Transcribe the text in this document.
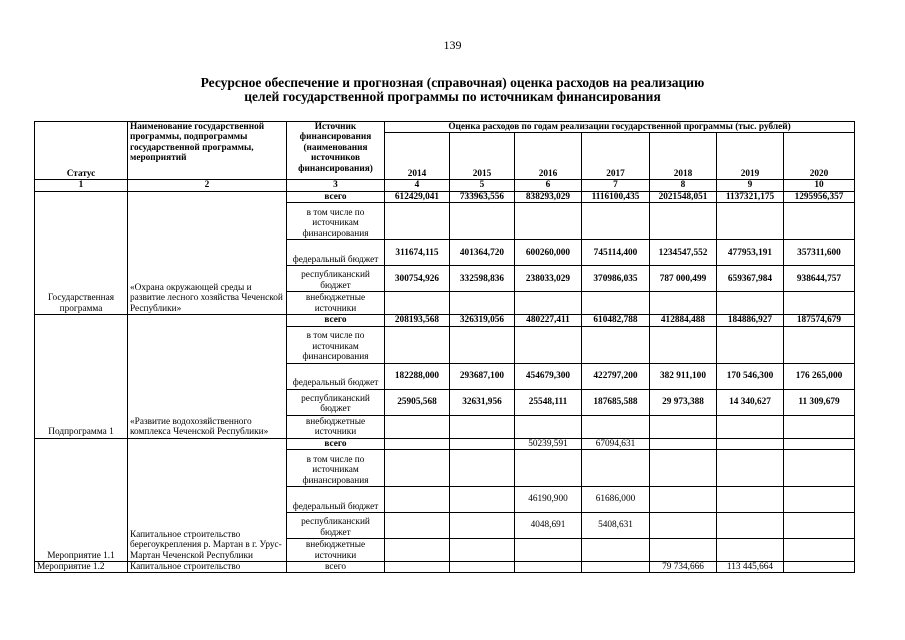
139
Ресурсное обеспечение и прогнозная (справочная) оценка расходов на реализацию
целей государственной программы по источникам финансирования
Статус	Наименование государственной программы, подпрограммы государственной программы, мероприятий	Источник финансирования (наименования источников финансирования)	Оценка расходов по годам реализации государственной программы (тыс. рублей)						
			2014	2015	2016	2017	2018	2019	2020
1	2	3	4	5	6	7	8	9	10
Государственная программа	«Охрана окружающей среды и развитие лесного хозяйства Чеченской Республики»	всего	612429,041	733963,556	838293,029	1116100,435	2021548,051	1137321,175	1295956,357
		в том числе по источникам финансирования							
		федеральный бюджет	311674,115	401364,720	600260,000	745114,400	1234547,552	477953,191	357311,600
		республиканский бюджет	300754,926	332598,836	238033,029	370986,035	787 000,499	659367,984	938644,757
		внебюджетные источники							
Подпрограмма 1	«Развитие водохозяйственного комплекса Чеченской Республики»	всего	208193,568	326319,056	480227,411	610482,788	412884,488	184886,927	187574,679
		в том числе по источникам финансирования							
		федеральный бюджет	182288,000	293687,100	454679,300	422797,200	382 911,100	170 546,300	176 265,000
		республиканский бюджет	25905,568	32631,956	25548,111	187685,588	29 973,388	14 340,627	11 309,679
		внебюджетные источники							
Мероприятие 1.1	Капитальное строительство берегоукрепления р. Мартан в г. Урус-Мартан Чеченской Республики	всего			50239,591	67094,631			
		в том числе по источникам финансирования							
		федеральный бюджет			46190,900	61686,000			
		республиканский бюджет			4048,691	5408,631			
		внебюджетные источники							
Мероприятие 1.2	Капитальное строительство	всего					79 734,666	113 445,664	
